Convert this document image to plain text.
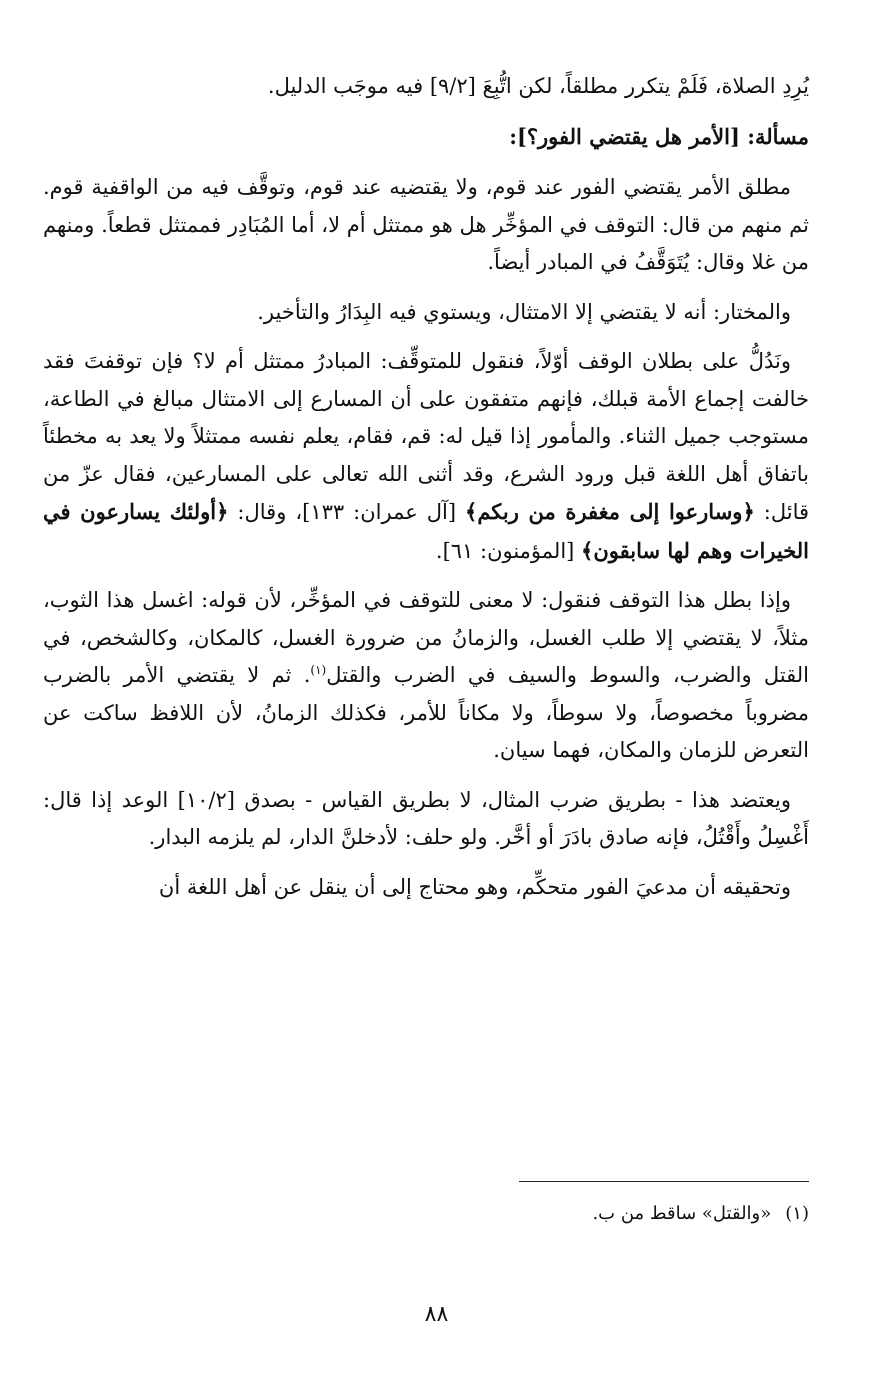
يُرِدِ الصلاة، فَلَمْ يتكرر مطلقاً، لكن اتُّبِعَ [٩/٢] فيه موجَب الدليل.

مسألة: [الأمر هل يقتضي الفور؟]:

مطلق الأمر يقتضي الفور عند قوم، ولا يقتضيه عند قوم، وتوقَّف فيه من الواقفية قوم. ثم منهم من قال: التوقف في المؤخِّر هل هو ممتثل أم لا، أما المُبَادِر فممتثل قطعاً. ومنهم من غلا وقال: يُتَوَقَّفُ في المبادر أيضاً.

والمختار: أنه لا يقتضي إلا الامتثال، ويستوي فيه البِدَارُ والتأخير.

ونَدُلُّ على بطلان الوقف أوّلاً، فنقول للمتوقِّف: المبادرُ ممتثل أم لا؟ فإن توقفتَ فقد خالفت إجماع الأمة قبلك، فإنهم متفقون على أن المسارع إلى الامتثال مبالغ في الطاعة، مستوجب جميل الثناء. والمأمور إذا قيل له: قم، فقام، يعلم نفسه ممتثلاً ولا يعد به مخطئاً باتفاق أهل اللغة قبل ورود الشرع، وقد أثنى الله تعالى على المسارعين، فقال عزّ من قائل: ﴿وسارعوا إلى مغفرة من ربكم﴾ [آل عمران: ١٣٣]، وقال: ﴿أولئك يسارعون في الخيرات وهم لها سابقون﴾ [المؤمنون: ٦١].

وإذا بطل هذا التوقف فنقول: لا معنى للتوقف في المؤخِّر، لأن قوله: اغسل هذا الثوب، مثلاً، لا يقتضي إلا طلب الغسل، والزمانُ من ضرورة الغسل، كالمكان، وكالشخص، في القتل والضرب، والسوط والسيف في الضرب والقتل$^{(١)}$. ثم لا يقتضي الأمر بالضرب مضروباً مخصوصاً، ولا سوطاً، ولا مكاناً للأمر، فكذلك الزمانُ، لأن اللافظ ساكت عن التعرض للزمان والمكان، فهما سيان.

ويعتضد هذا - بطريق ضرب المثال، لا بطريق القياس - بصدق [١٠/٢] الوعد إذا قال: أَغْسِلُ وأَقْتُلُ، فإنه صادق بادَرَ أو أخَّر. ولو حلف: لأدخلنَّ الدار، لم يلزمه البدار.

وتحقيقه أن مدعيَ الفور متحكِّم، وهو محتاج إلى أن ينقل عن أهل اللغة أن

(١)«والقتل» ساقط من ب.
٨٨
